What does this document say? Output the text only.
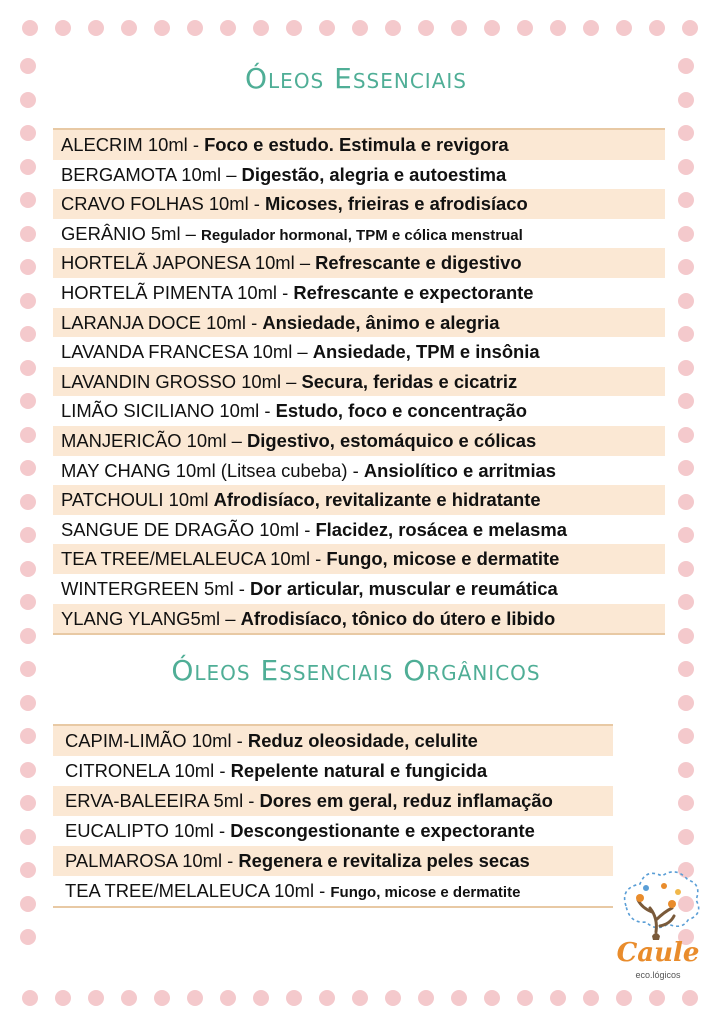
Óleos Essenciais
ALECRIM 10ml - Foco e estudo. Estimula e revigora
BERGAMOTA 10ml – Digestão, alegria e autoestima
CRAVO FOLHAS 10ml - Micoses, frieiras e afrodisíaco
GERÂNIO 5ml – Regulador hormonal, TPM e cólica menstrual
HORTELÃ JAPONESA 10ml – Refrescante e digestivo
HORTELÃ PIMENTA 10ml - Refrescante e expectorante
LARANJA DOCE 10ml - Ansiedade, ânimo e alegria
LAVANDA FRANCESA 10ml – Ansiedade, TPM e insônia
LAVANDIN GROSSO 10ml – Secura, feridas e cicatriz
LIMÃO SICILIANO 10ml - Estudo, foco e concentração
MANJERICÃO 10ml – Digestivo, estomáquico e cólicas
MAY CHANG 10ml (Litsea cubeba) - Ansiolítico e arritmias
PATCHOULI 10ml Afrodisíaco, revitalizante e hidratante
SANGUE DE DRAGÃO 10ml - Flacidez, rosácea e melasma
TEA TREE/MELALEUCA 10ml - Fungo, micose e dermatite
WINTERGREEN 5ml - Dor articular, muscular e reumática
YLANG YLANG5ml – Afrodisíaco, tônico do útero e libido
Óleos Essenciais Orgânicos
CAPIM-LIMÃO 10ml - Reduz oleosidade, celulite
CITRONELA 10ml - Repelente natural e fungicida
ERVA-BALEEIRA 5ml - Dores em geral, reduz inflamação
EUCALIPTO 10ml - Descongestionante e expectorante
PALMAROSA 10ml - Regenera e revitaliza peles secas
TEA TREE/MELALEUCA 10ml - Fungo, micose e dermatite
Caule
eco.lógicos
